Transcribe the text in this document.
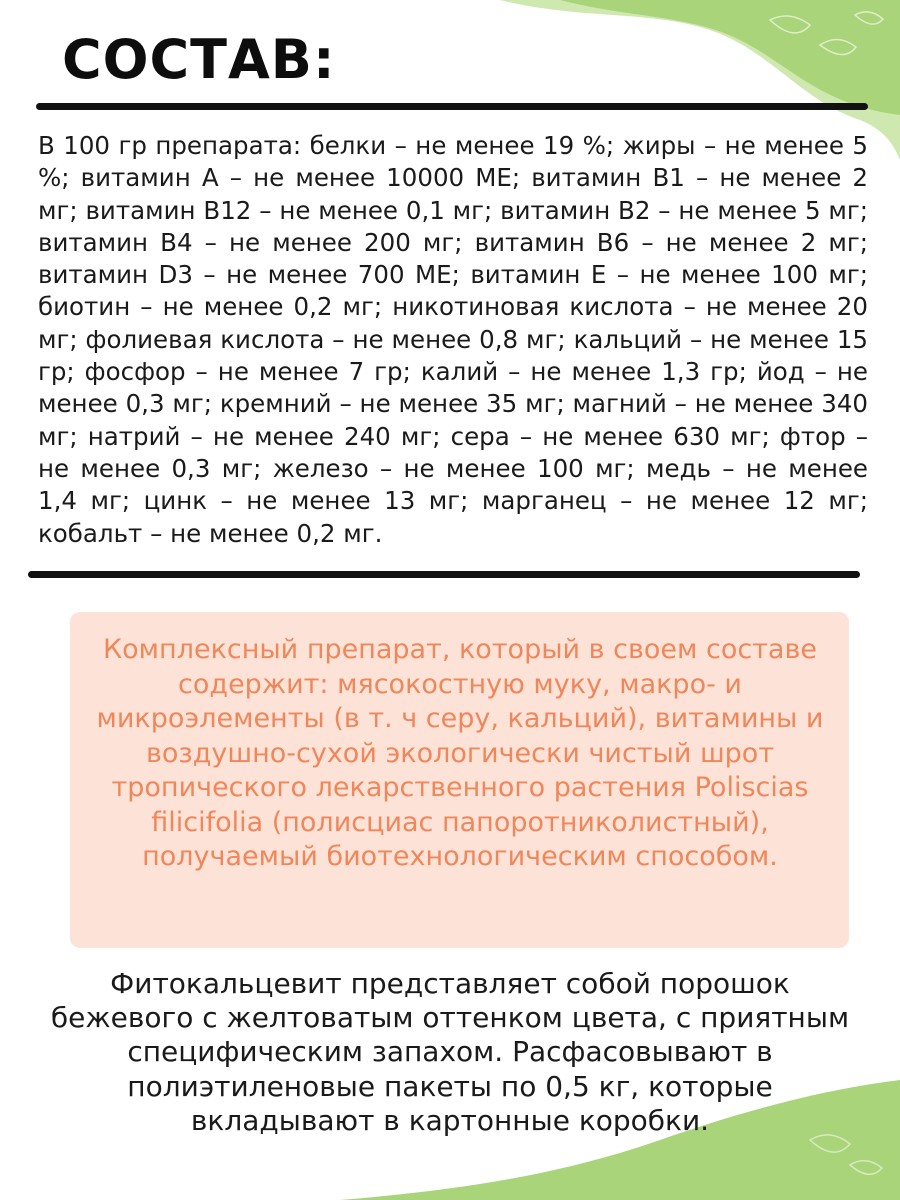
СОСТАВ:

В 100 гр препарата: белки – не менее 19 %; жиры – не менее 5 %; витамин А – не менее 10000 МЕ; витамин В1 – не менее 2 мг; витамин В12 – не менее 0,1 мг; витамин В2 – не менее 5 мг; витамин В4 – не менее 200 мг; витамин В6 – не менее 2 мг; витамин D3 – не менее 700 МЕ; витамин Е – не менее 100 мг; биотин – не менее 0,2 мг; никотиновая кислота – не менее 20 мг; фолиевая кислота – не менее 0,8 мг; кальций – не менее 15 гр; фосфор – не менее 7 гр; калий – не менее 1,3 гр; йод – не менее 0,3 мг; кремний – не менее 35 мг; магний – не менее 340 мг; натрий – не менее 240 мг; сера – не менее 630 мг; фтор – не менее 0,3 мг; железо – не менее 100 мг; медь – не менее 1,4 мг; цинк – не менее 13 мг; марганец – не менее 12 мг; кобальт – не менее 0,2 мг.

Комплексный препарат, который в своем составе содержит: мясокостную муку, макро- и микроэлементы (в т. ч серу, кальций), витамины и воздушно-сухой экологически чистый шрот тропического лекарственного растения Poliscias filicifolia (полисциас папоротниколистный), получаемый биотехнологическим способом.

Фитокальцевит представляет собой порошок бежевого с желтоватым оттенком цвета, с приятным специфическим запахом. Расфасовывают в полиэтиленовые пакеты по 0,5 кг, которые вкладывают в картонные коробки.
